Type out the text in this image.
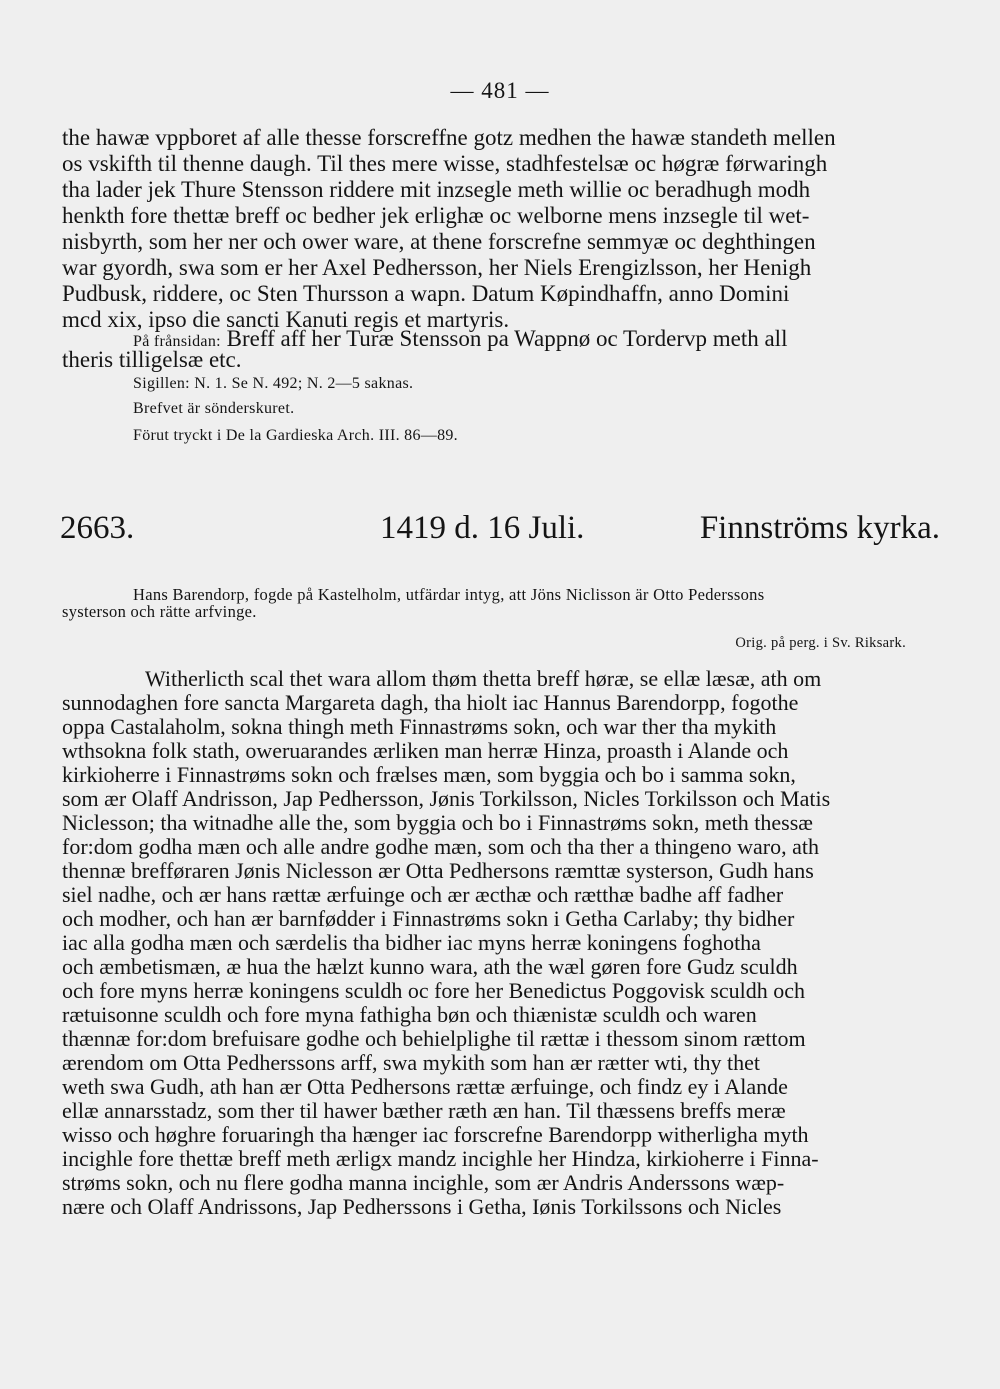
— 481 —
the hawæ vppboret af alle thesse forscreffne gotz medhen the hawæ standeth mellen
os vskifth til thenne daugh. Til thes mere wisse, stadhfestelsæ oc høgræ førwaringh
tha lader jek Thure Stensson riddere mit inzsegle meth willie oc beradhugh modh
henkth fore thettæ breff oc bedher jek erlighæ oc welborne mens inzsegle til wet-
nisbyrth, som her ner och ower ware, at thene forscrefne semmyæ oc deghthingen
war gyordh, swa som er her Axel Pedhersson, her Niels Erengizlsson, her Henigh
Pudbusk, riddere, oc Sten Thursson a wapn. Datum Køpindhaffn, anno Domini
mcd xix, ipso die sancti Kanuti regis et martyris.
På frånsidan: Breff aff her Turæ Stensson pa Wappnø oc Tordervp meth all
theris tilligelsæ etc.
Sigillen: N. 1. Se N. 492; N. 2—5 saknas.
Brefvet är sönderskuret.
Förut tryckt i De la Gardieska Arch. III. 86—89.
2663.	1419 d. 16 Juli.	Finnströms kyrka.
Hans Barendorp, fogde på Kastelholm, utfärdar intyg, att Jöns Niclisson är Otto Pederssons
systerson och rätte arfvinge.
Orig. på perg. i Sv. Riksark.
Witherlicth scal thet wara allom thøm thetta breff høræ, se ellæ læsæ, ath om
sunnodaghen fore sancta Margareta dagh, tha hiolt iac Hannus Barendorpp, fogothe
oppa Castalaholm, sokna thingh meth Finnastrøms sokn, och war ther tha mykith
wthsokna folk stath, oweruarandes ærliken man herræ Hinza, proasth i Alande och
kirkioherre i Finnastrøms sokn och frælses mæn, som byggia och bo i samma sokn,
som ær Olaff Andrisson, Jap Pedhersson, Jønis Torkilsson, Nicles Torkilsson och Matis
Niclesson; tha witnadhe alle the, som byggia och bo i Finnastrøms sokn, meth thessæ
for:dom godha mæn och alle andre godhe mæn, som och tha ther a thingeno waro, ath
thennæ brefføraren Jønis Niclesson ær Otta Pedhersons ræmttæ systerson, Gudh hans
siel nadhe, och ær hans rættæ ærfuinge och ær æcthæ och rætthæ badhe aff fadher
och modher, och han ær barnfødder i Finnastrøms sokn i Getha Carlaby; thy bidher
iac alla godha mæn och særdelis tha bidher iac myns herræ koningens foghotha
och æmbetismæn, æ hua the hælzt kunno wara, ath the wæl gøren fore Gudz sculdh
och fore myns herræ koningens sculdh oc fore her Benedictus Poggovisk sculdh och
rætuisonne sculdh och fore myna fathigha bøn och thiænistæ sculdh och waren
thænnæ for:dom brefuisare godhe och behielplighe til rættæ i thessom sinom rættom
ærendom om Otta Pedherssons arff, swa mykith som han ær rætter wti, thy thet
weth swa Gudh, ath han ær Otta Pedhersons rættæ ærfuinge, och findz ey i Alande
ellæ annarsstadz, som ther til hawer bæther ræth æn han. Til thæssens breffs meræ
wisso och høghre foruaringh tha hænger iac forscrefne Barendorpp witherligha myth
incighle fore thettæ breff meth ærligx mandz incighle her Hindza, kirkioherre i Finna-
strøms sokn, och nu flere godha manna incighle, som ær Andris Anderssons wæp-
nære och Olaff Andrissons, Jap Pedherssons i Getha, Iønis Torkilssons och Nicles
